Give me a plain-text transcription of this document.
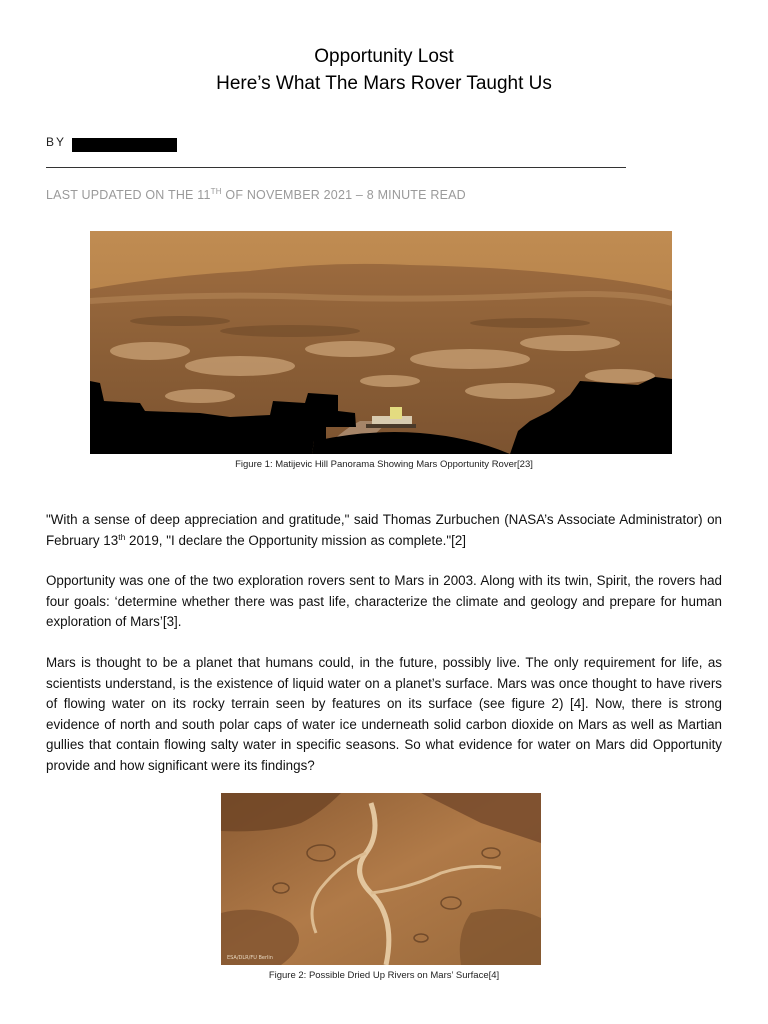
Opportunity Lost
Here’s What The Mars Rover Taught Us
BY
LAST UPDATED ON THE 11TH OF NOVEMBER 2021 – 8 MINUTE READ
Figure 1: Matijevic Hill Panorama Showing Mars Opportunity Rover[23]

"With a sense of deep appreciation and gratitude," said Thomas Zurbuchen (NASA’s Associate Administrator) on February 13th 2019, "I declare the Opportunity mission as complete."[2]

Opportunity was one of the two exploration rovers sent to Mars in 2003. Along with its twin, Spirit, the rovers had four goals: ‘determine whether there was past life, characterize the climate and geology and prepare for human exploration of Mars’[3].

Mars is thought to be a planet that humans could, in the future, possibly live. The only requirement for life, as scientists understand, is the existence of liquid water on a planet’s surface. Mars was once thought to have rivers of flowing water on its rocky terrain seen by features on its surface (see figure 2) [4]. Now, there is strong evidence of north and south polar caps of water ice underneath solid carbon dioxide on Mars as well as Martian gullies that contain flowing salty water in specific seasons. So what evidence for water on Mars did Opportunity provide and how significant were its findings?

ESA/DLR/FU Berlin
Figure 2: Possible Dried Up Rivers on Mars’ Surface[4]
